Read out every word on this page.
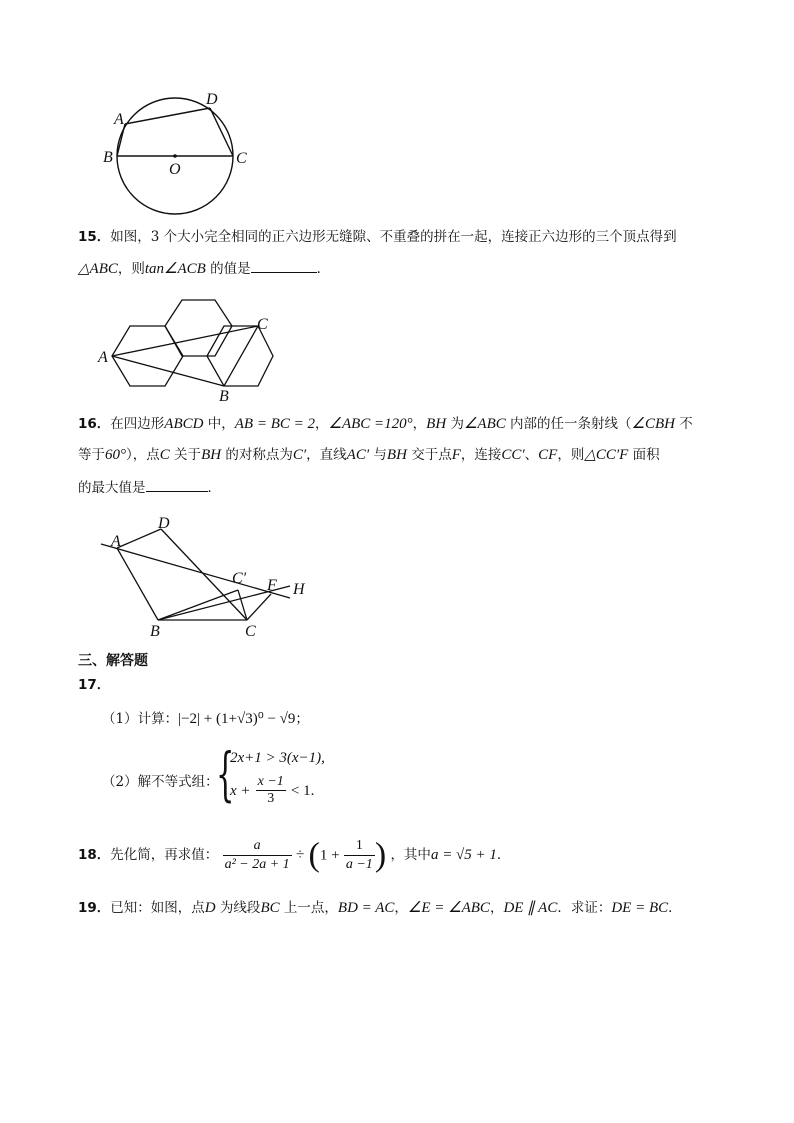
A
B	C
D
O
15．如图，3 个大小完全相同的正六边形无缝隙、不重叠的拼在一起，连接正六边形的三个顶点得到
△ABC，则tan∠ACB 的值是	．
A
B
C
16．在四边形ABCD 中，AB = BC = 2，∠ABC =120°，BH 为∠ABC 内部的任一条射线（∠CBH 不
等于60°），点C 关于BH 的对称点为C′，直线AC′ 与BH 交于点F，连接CC′、CF，则△CC′F 面积
的最大值是	．
A
D
B	C
C′ F H
三、解答题
17．
（1）计算：|−2| + (1+√3)⁰ − √9；
（2）解不等式组：
{
2x+1 > 3(x−1),
$x + \frac{x -1}{3} < 1$.
18．先化简，再求值： $\frac{a}{\text{a² − 2a + 1}} \div (1 + \frac{1}{a -1}$ ) ，其中a = √5 + 1．
19．已知：如图，点D 为线段BC 上一点，BD = AC，∠E = ∠ABC，DE ∥ AC．求证：DE = BC．
